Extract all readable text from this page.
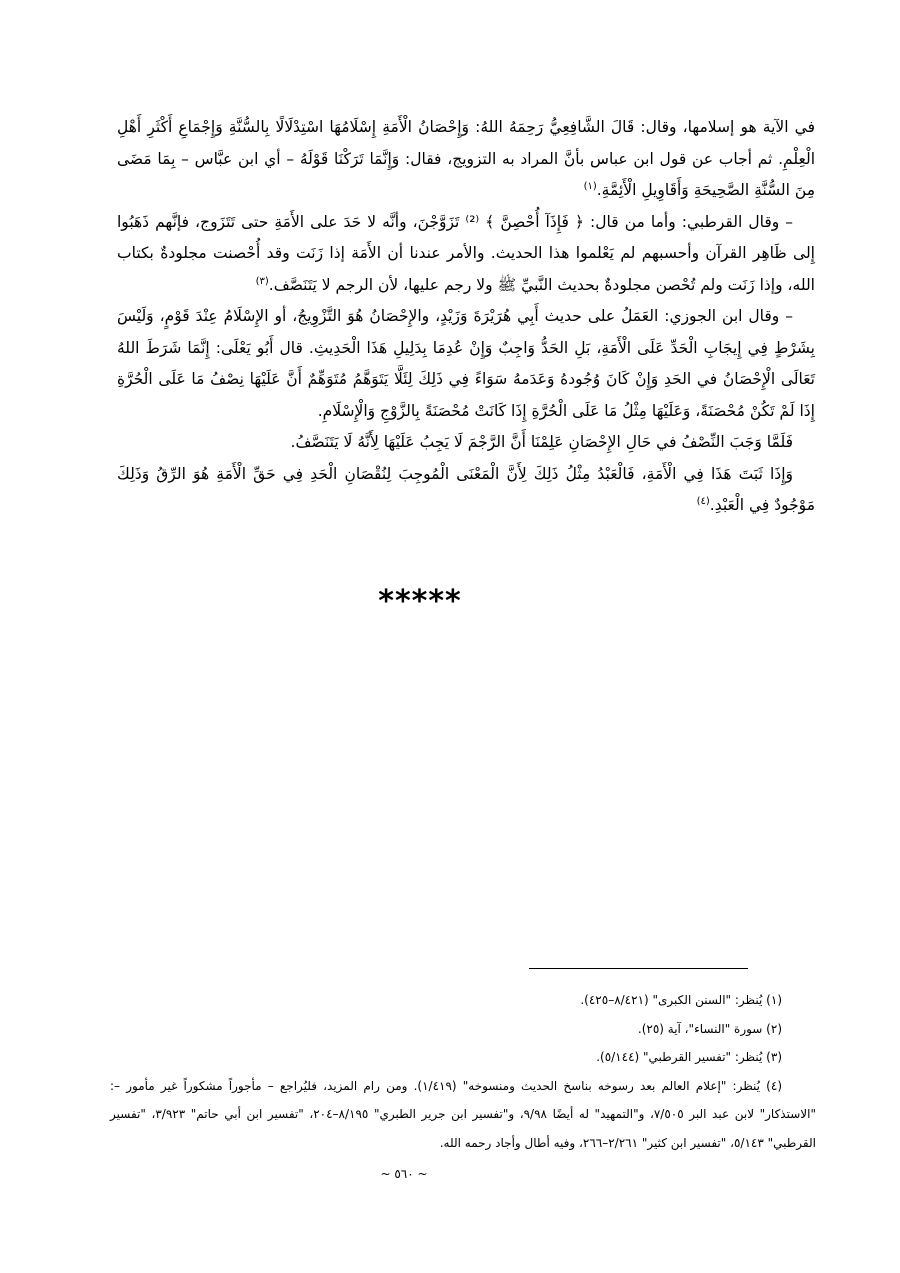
في الآية هو إسلامها، وقال: قَالَ الشَّافِعِيُّ رَحِمَهُ اللهُ: وَإِحْصَانُ الْأَمَةِ إِسْلَامُهَا اسْتِدْلَالًا بِالسُّنَّةِ وَإِجْمَاعِ أَكْثَرِ أَهْلِ الْعِلْمِ. ثم أجاب عن قول ابن عباس بأنَّ المراد به التزويج، فقال: وَإِنَّمَا تَرَكْنَا قَوْلَهُ – أي ابن عبَّاس – بِمَا مَضَى مِنَ السُّنَّةِ الصَّحِيحَةِ وَأَقَاوِيلِ الْأَئِمَّةِ.$^{(١)}$

– وقال القرطبي: وأما من قال: ﴿ فَإِذَآ أُحْصِنَّ ﴾ ⁽²⁾ تَزَوَّجْنَ، وأنَّه لا حَدَ على الأَمَةِ حتى تَتَزَوج، فإنَّهم ذَهَبُوا إِلى ظَاهِر القرآن وأحسبهم لم يَعْلموا هذا الحديث. والأمر عندنا أن الأَمَة إذا زَنَت وقد أُحْصنت مجلودةٌ بكتاب الله، وإذا زَنَت ولم تُحْصن مجلودةٌ بحديث النَّبيِّ ﷺ ولا رجم عليها، لأن الرجم لا يَتَنَصَّف.$^{(٣)}$

– وقال ابن الجوزي: العَمَلُ على حديث أَبِي هُرَيْرَةَ وَزَيْدٍ، والإِحْصَانُ هُوَ التَّزْوِيجُ، أو الإِسْلَامُ عِنْدَ قَوْمٍ، وَلَيْسَ بِشَرْطٍ فِي إِيجَابِ الْحَدِّ عَلَى الْأَمَةِ، بَلِ الحَدُّ وَاجِبٌ وَإِنْ عُدِمَا بِدَلِيلِ هَذَا الْحَدِيثِ. قال أَبُو يَعْلَى: إِنَّمَا شَرَطَ اللهُ تَعَالَى الْإِحْصَانُ في الحَدِ وَإِنْ كَانَ وُجُودهُ وَعَدَمهُ سَوَاءً فِي ذَلِكَ لِئَلَّا يَتَوَهَّمُ مُتَوَهِّمٌ أَنَّ عَلَيْهَا نِصْفُ مَا عَلَى الْحُرَّةِ إِذَا لَمْ تَكُنْ مُحْصَنَةً، وَعَلَيْهَا مِثْلُ مَا عَلَى الْحُرَّةِ إِذَا كَانَتْ مُحْصَنَةً بِالزَّوْجِ وَالْإِسْلَامِ.

فَلَمَّا وَجَبَ النِّصْفُ في حَالِ الإِحْصَانِ عَلِمْنَا أَنَّ الرَّجْمَ لَا يَجِبُ عَلَيْهَا لِأَنَّهُ لَا يَتَنَصَّفُ.

وَإِذَا ثَبَتَ هَذَا فِي الْأَمَةِ، فَالْعَبْدُ مِثْلُ ذَلِكَ لِأَنَّ الْمَعْنَى الْمُوجِبَ لِنُقْصَانِ الْحَدِ فِي حَقِّ الْأَمَةِ هُوَ الرِّقُ وَذَلِكَ مَوْجُودٌ فِي الْعَبْدِ.$^{(٤)}$

*****

(١) يُنظر: "السنن الكبرى" (٨/٤٢١–٤٢٥).

(٢) سورة "النساء"، آية (٢٥).

(٣) يُنظر: "تفسير القرطبي" (٥/١٤٤).

(٤) يُنظر: "إعلام العالم بعد رسوخه بناسخ الحديث ومنسوخه" (١/٤١٩). ومن رام المزيد، فليُراجع – مأجوراً مشكوراً غير مأمور –: "الاستذكار" لابن عبد البر ٧/٥٠٥، و"التمهيد" له أيضًا ٩/٩٨، و"تفسير ابن جرير الطبري" ٨/١٩٥–٢٠٤، "تفسير ابن أبي حاتم" ٣/٩٢٣، "تفسير القرطبي" ٥/١٤٣، "تفسير ابن كثير" ٢/٢٦١–٢٦٦، وفيه أطال وأجاد رحمه الله.

~ ٥٦٠ ~
